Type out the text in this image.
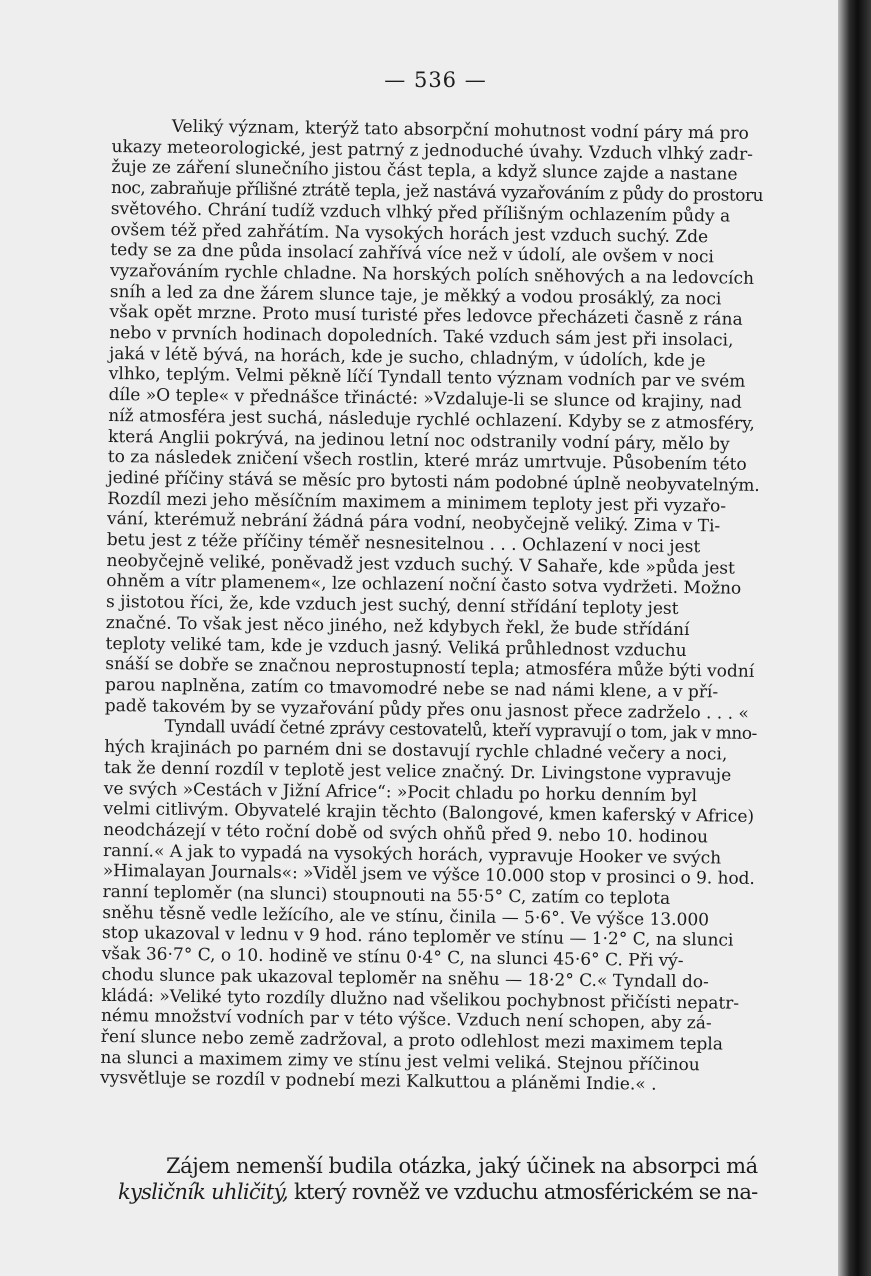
— 536 —
Veliký význam, kterýž tato absorpční mohutnost vodní páry má pro
ukazy meteorologické, jest patrný z jednoduché úvahy. Vzduch vlhký zadr-
žuje ze záření slunečního jistou část tepla, a když slunce zajde a nastane
noc, zabraňuje přílišné ztrátě tepla, jež nastává vyzařováním z půdy do prostoru
světového. Chrání tudíž vzduch vlhký před přílišným ochlazením půdy a
ovšem též před zahřátím. Na vysokých horách jest vzduch suchý. Zde
tedy se za dne půda insolací zahřívá více než v údolí, ale ovšem v noci
vyzařováním rychle chladne. Na horských polích sněhových a na ledovcích
sníh a led za dne žárem slunce taje, je měkký a vodou prosáklý, za noci
však opět mrzne. Proto musí turisté přes ledovce přecházeti časně z rána
nebo v prvních hodinach dopoledních. Také vzduch sám jest při insolaci,
jaká v létě bývá, na horách, kde je sucho, chladným, v údolích, kde je
vlhko, teplým. Velmi pěkně líčí Tyndall tento význam vodních par ve svém
díle »O teple« v přednášce třinácté: »Vzdaluje-li se slunce od krajiny, nad
níž atmosféra jest suchá, následuje rychlé ochlazení. Kdyby se z atmosféry,
která Anglii pokrývá, na jedinou letní noc odstranily vodní páry, mělo by
to za následek zničení všech rostlin, které mráz umrtvuje. Působením této
jediné příčiny stává se měsíc pro bytosti nám podobné úplně neobyvatelným.
Rozdíl mezi jeho měsíčním maximem a minimem teploty jest při vyzařo-
vání, kterémuž nebrání žádná pára vodní, neobyčejně veliký. Zima v Ti-
betu jest z téže příčiny téměř nesnesitelnou . . . Ochlazení v noci jest
neobyčejně veliké, poněvadž jest vzduch suchý. V Sahaře, kde »půda jest
ohněm a vítr plamenem«, lze ochlazení noční často sotva vydržeti. Možno
s jistotou říci, že, kde vzduch jest suchý, denní střídání teploty jest
značné. To však jest něco jiného, než kdybych řekl, že bude střídání
teploty veliké tam, kde je vzduch jasný. Veliká průhlednost vzduchu
snáší se dobře se značnou neprostupností tepla; atmosféra může býti vodní
parou naplněna, zatím co tmavomodré nebe se nad námi klene, a v pří-
padě takovém by se vyzařování půdy přes onu jasnost přece zadrželo . . . «
Tyndall uvádí četné zprávy cestovatelů, kteří vypravují o tom, jak v mno-
hých krajinách po parném dni se dostavují rychle chladné večery a noci,
tak že denní rozdíl v teplotě jest velice značný. Dr. Livingstone vypravuje
ve svých »Cestách v Jižní Africe“: »Pocit chladu po horku denním byl
velmi citlivým. Obyvatelé krajin těchto (Balongové, kmen kaferský v Africe)
neodcházejí v této roční době od svých ohňů před 9. nebo 10. hodinou
ranní.« A jak to vypadá na vysokých horách, vypravuje Hooker ve svých
»Himalayan Journals«: »Viděl jsem ve výšce 10.000 stop v prosinci o 9. hod.
ranní teploměr (na slunci) stoupnouti na 55·5° C, zatím co teplota
sněhu těsně vedle ležícího, ale ve stínu, činila — 5·6°. Ve výšce 13.000
stop ukazoval v lednu v 9 hod. ráno teploměr ve stínu — 1·2° C, na slunci
však 36·7° C, o 10. hodině ve stínu 0·4° C, na slunci 45·6° C. Při vý-
chodu slunce pak ukazoval teploměr na sněhu — 18·2° C.« Tyndall do-
kládá: »Veliké tyto rozdíly dlužno nad všelikou pochybnost přičísti nepatr-
nému množství vodních par v této výšce. Vzduch není schopen, aby zá-
ření slunce nebo země zadržoval, a proto odlehlost mezi maximem tepla
na slunci a maximem zimy ve stínu jest velmi veliká. Stejnou příčinou
vysvětluje se rozdíl v podnebí mezi Kalkuttou a pláněmi Indie.« .
Zájem nemenší budila otázka, jaký účinek na absorpci má
kysličník uhličitý, který rovněž ve vzduchu atmosférickém se na-
